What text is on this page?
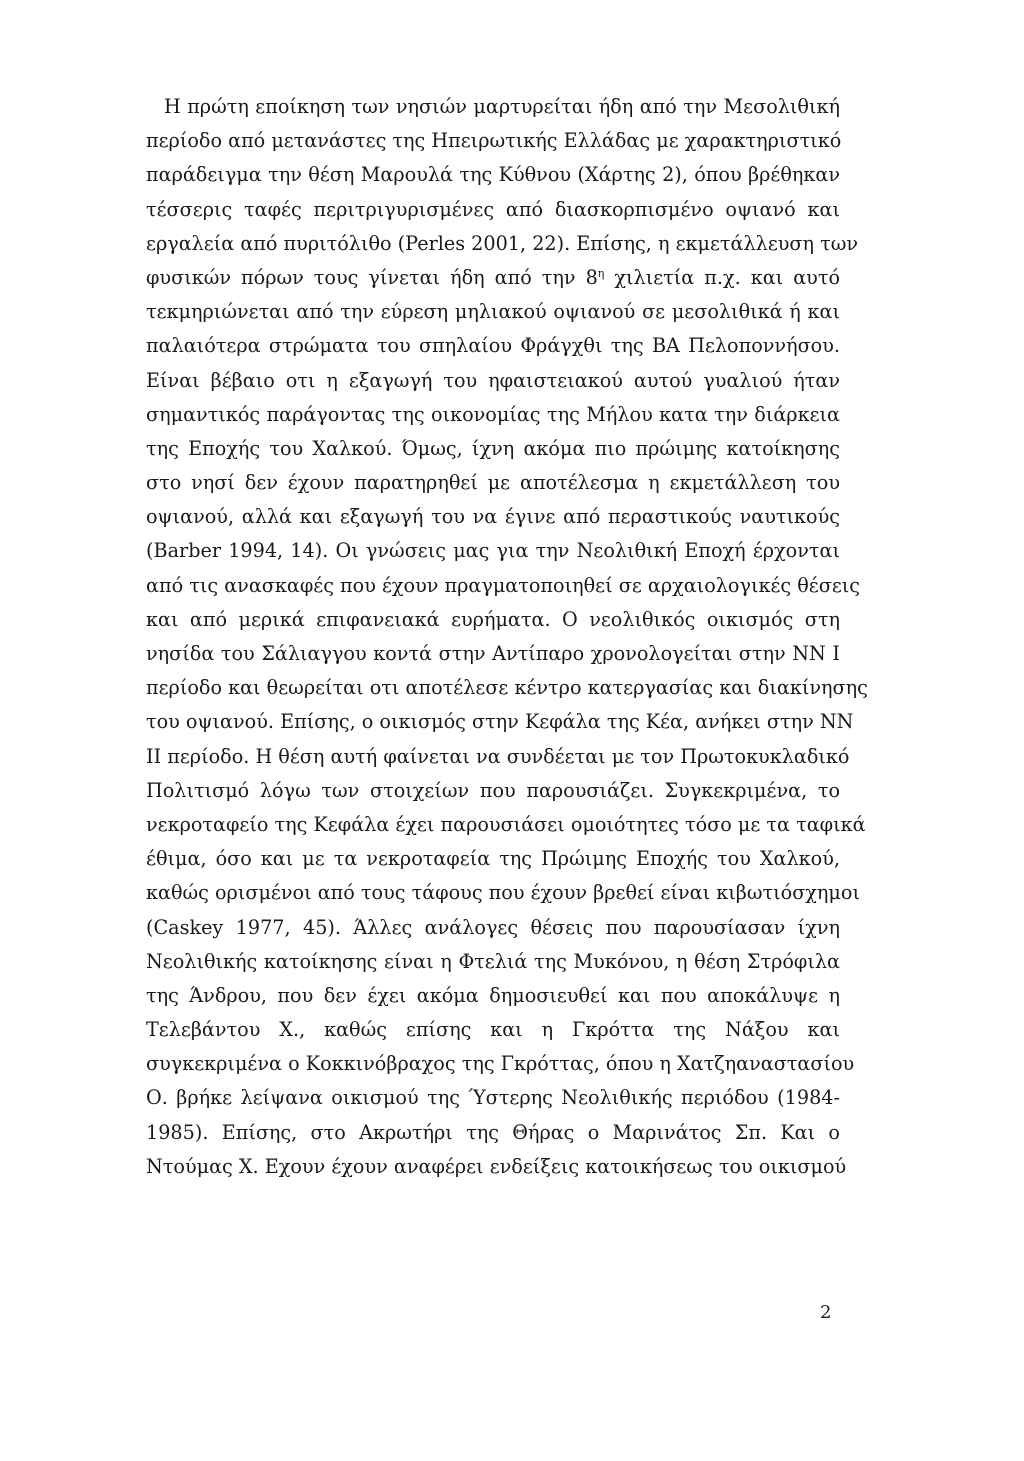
Η πρώτη εποίκηση των νησιών μαρτυρείται ήδη από την Μεσολιθική
περίοδο από μετανάστες της Ηπειρωτικής Ελλάδας με χαρακτηριστικό
παράδειγμα την θέση Μαρουλά της Κύθνου (Χάρτης 2), όπου βρέθηκαν
τέσσερις ταφές περιτριγυρισμένες από διασκορπισμένο οψιανό και
εργαλεία από πυριτόλιθο (Perles 2001, 22). Επίσης, η εκμετάλλευση των
φυσικών πόρων τους γίνεται ήδη από την $8^\eta$ χιλιετία π.χ. και αυτό
τεκμηριώνεται από την εύρεση μηλιακού οψιανού σε μεσολιθικά ή και
παλαιότερα στρώματα του σπηλαίου Φράγχθι της ΒΑ Πελοποννήσου.
Είναι βέβαιο οτι η εξαγωγή του ηφαιστειακού αυτού γυαλιού ήταν
σημαντικός παράγοντας της οικονομίας της Μήλου κατα την διάρκεια
της Εποχής του Χαλκού. Όμως, ίχνη ακόμα πιο πρώιμης κατοίκησης
στο νησί δεν έχουν παρατηρηθεί με αποτέλεσμα η εκμετάλλεση του
οψιανού, αλλά και εξαγωγή του να έγινε από περαστικούς ναυτικούς
(Barber 1994, 14). Οι γνώσεις μας για την Νεολιθική Εποχή έρχονται
από τις ανασκαφές που έχουν πραγματοποιηθεί σε αρχαιολογικές θέσεις
και από μερικά επιφανειακά ευρήματα. Ο νεολιθικός οικισμός στη
νησίδα του Σάλιαγγου κοντά στην Αντίπαρο χρονολογείται στην ΝΝ Ι
περίοδο και θεωρείται οτι αποτέλεσε κέντρο κατεργασίας και διακίνησης
του οψιανού. Επίσης, ο οικισμός στην Κεφάλα της Κέα, ανήκει στην ΝΝ
ΙΙ περίοδο. Η θέση αυτή φαίνεται να συνδέεται με τον Πρωτοκυκλαδικό
Πολιτισμό λόγω των στοιχείων που παρουσιάζει. Συγκεκριμένα, το
νεκροταφείο της Κεφάλα έχει παρουσιάσει ομοιότητες τόσο με τα ταφικά
έθιμα, όσο και με τα νεκροταφεία της Πρώιμης Εποχής του Χαλκού,
καθώς ορισμένοι από τους τάφους που έχουν βρεθεί είναι κιβωτιόσχημοι
(Caskey 1977, 45). Άλλες ανάλογες θέσεις που παρουσίασαν ίχνη
Νεολιθικής κατοίκησης είναι η Φτελιά της Μυκόνου, η θέση Στρόφιλα
της Άνδρου, που δεν έχει ακόμα δημοσιευθεί και που αποκάλυψε η
Τελεβάντου Χ., καθώς επίσης και η Γκρόττα της Νάξου και
συγκεκριμένα ο Κοκκινόβραχος της Γκρόττας, όπου η Χατζηαναστασίου
Ο. βρήκε λείψανα οικισμού της Ύστερης Νεολιθικής περιόδου (1984-
1985). Επίσης, στο Ακρωτήρι της Θήρας ο Μαρινάτος Σπ. Και ο
Ντούμας Χ. Εχουν έχουν αναφέρει ενδείξεις κατοικήσεως του οικισμού
2
